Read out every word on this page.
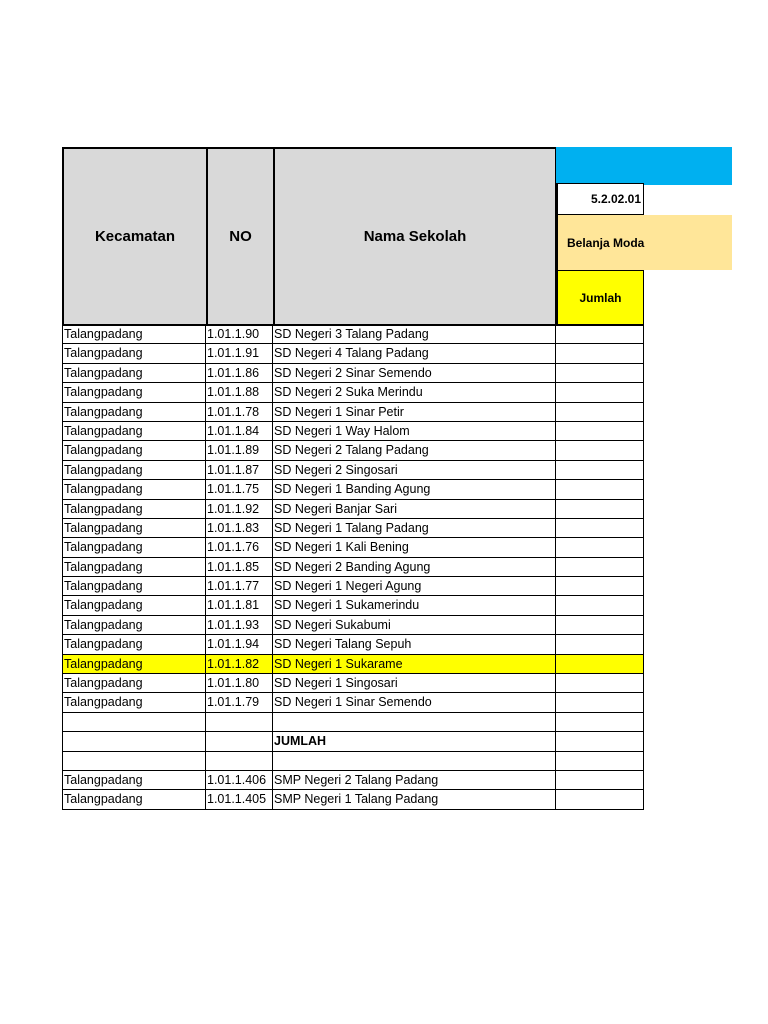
Kecamatan	NO	Nama Sekolah
5.2.02.01
Belanja Moda
Jumlah
Talangpadang	1.01.1.90	SD Negeri 3 Talang Padang
Talangpadang	1.01.1.91	SD Negeri 4 Talang Padang
Talangpadang	1.01.1.86	SD Negeri 2 Sinar Semendo
Talangpadang	1.01.1.88	SD Negeri 2 Suka Merindu
Talangpadang	1.01.1.78	SD Negeri 1 Sinar Petir
Talangpadang	1.01.1.84	SD Negeri 1 Way Halom
Talangpadang	1.01.1.89	SD Negeri 2 Talang Padang
Talangpadang	1.01.1.87	SD Negeri 2 Singosari
Talangpadang	1.01.1.75	SD Negeri 1 Banding Agung
Talangpadang	1.01.1.92	SD Negeri Banjar Sari
Talangpadang	1.01.1.83	SD Negeri 1 Talang Padang
Talangpadang	1.01.1.76	SD Negeri 1 Kali Bening
Talangpadang	1.01.1.85	SD Negeri 2 Banding Agung
Talangpadang	1.01.1.77	SD Negeri 1 Negeri Agung
Talangpadang	1.01.1.81	SD Negeri 1 Sukamerindu
Talangpadang	1.01.1.93	SD Negeri Sukabumi
Talangpadang	1.01.1.94	SD Negeri Talang Sepuh
Talangpadang	1.01.1.82	SD Negeri 1 Sukarame
Talangpadang	1.01.1.80	SD Negeri 1 Singosari
Talangpadang	1.01.1.79	SD Negeri 1 Sinar Semendo
JUMLAH
Talangpadang	1.01.1.406 SMP Negeri 2 Talang Padang
Talangpadang	1.01.1.405 SMP Negeri 1 Talang Padang
